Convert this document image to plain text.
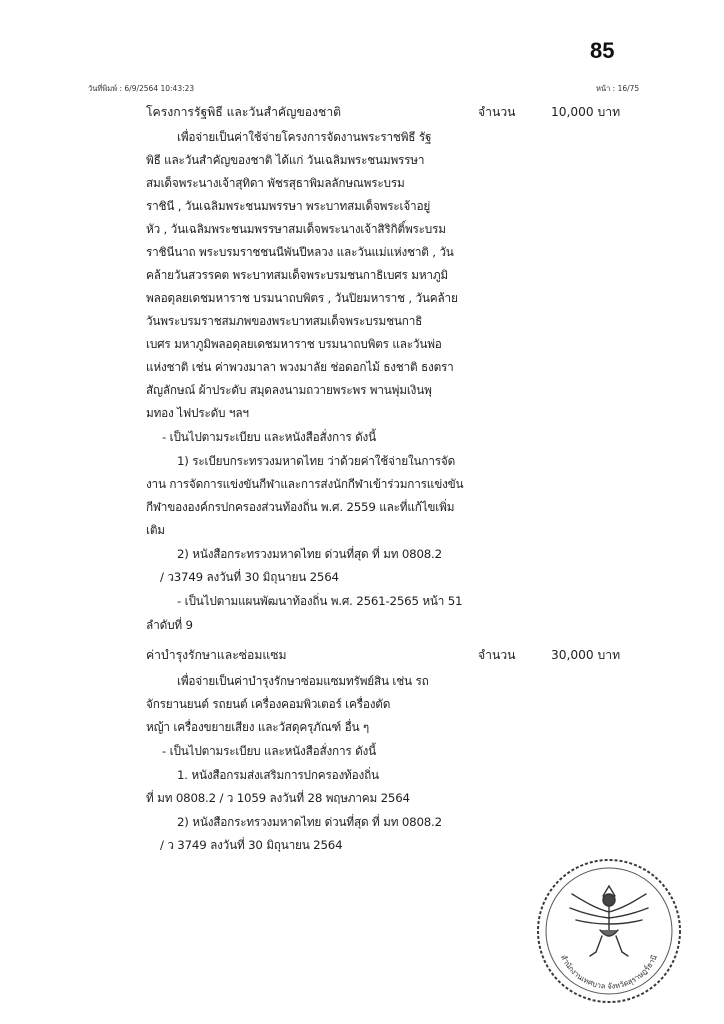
85
วันที่พิมพ์ : 6/9/2564 10:43:23	หน้า : 16/75
โครงการรัฐพิธี และวันสำคัญของชาติ	จำนวน	10,000 บาท
เพื่อจ่ายเป็นค่าใช้จ่ายโครงการจัดงานพระราชพิธี รัฐ
พิธี และวันสำคัญของชาติ ได้แก่ วันเฉลิมพระชนมพรรษา
สมเด็จพระนางเจ้าสุทิดา พัชรสุธาพิมลลักษณพระบรม
ราชินี , วันเฉลิมพระชนมพรรษา พระบาทสมเด็จพระเจ้าอยู่
หัว , วันเฉลิมพระชนมพรรษาสมเด็จพระนางเจ้าสิริกิติ์พระบรม
ราชินีนาถ พระบรมราชชนนีพันปีหลวง และวันแม่แห่งชาติ , วัน
คล้ายวันสวรรคต พระบาทสมเด็จพระบรมชนกาธิเบศร มหาภูมิ
พลอดุลยเดชมหาราช บรมนาถบพิตร , วันปิยมหาราช , วันคล้าย
วันพระบรมราชสมภพของพระบาทสมเด็จพระบรมชนกาธิ
เบศร มหาภูมิพลอดุลยเดชมหาราช บรมนาถบพิตร และวันพ่อ
แห่งชาติ เช่น ค่าพวงมาลา พวงมาลัย ช่อดอกไม้ ธงชาติ ธงตรา
สัญลักษณ์ ผ้าประดับ สมุดลงนามถวายพระพร พานพุ่มเงินพุ
มทอง ไฟประดับ ฯลฯ
- เป็นไปตามระเบียบ และหนังสือสั่งการ ดังนี้
1) ระเบียบกระทรวงมหาดไทย ว่าด้วยค่าใช้จ่ายในการจัด
งาน การจัดการแข่งขันกีฬาและการส่งนักกีฬาเข้าร่วมการแข่งขัน
กีฬาขององค์กรปกครองส่วนท้องถิ่น พ.ศ. 2559 และที่แก้ไขเพิ่ม
เติม
2) หนังสือกระทรวงมหาดไทย ด่วนที่สุด ที่ มท 0808.2
/ ว3749 ลงวันที่ 30 มิถุนายน 2564
- เป็นไปตามแผนพัฒนาท้องถิ่น พ.ศ. 2561-2565 หน้า 51
ลำดับที่ 9
ค่าบำรุงรักษาและซ่อมแซม	จำนวน	30,000 บาท
เพื่อจ่ายเป็นค่าบำรุงรักษาซ่อมแซมทรัพย์สิน เช่น รถ
จักรยานยนต์ รถยนต์ เครื่องคอมพิวเตอร์ เครื่องตัด
หญ้า เครื่องขยายเสียง และวัสดุครุภัณฑ์ อื่น ๆ
- เป็นไปตามระเบียบ และหนังสือสั่งการ ดังนี้
1. หนังสือกรมส่งเสริมการปกครองท้องถิ่น
ที่ มท 0808.2 / ว 1059 ลงวันที่ 28 พฤษภาคม 2564
2) หนังสือกระทรวงมหาดไทย ด่วนที่สุด ที่ มท 0808.2
/ ว 3749 ลงวันที่ 30 มิถุนายน 2564
สำนักงานเทศบาล จังหวัดสุราษฎร์ธานี
